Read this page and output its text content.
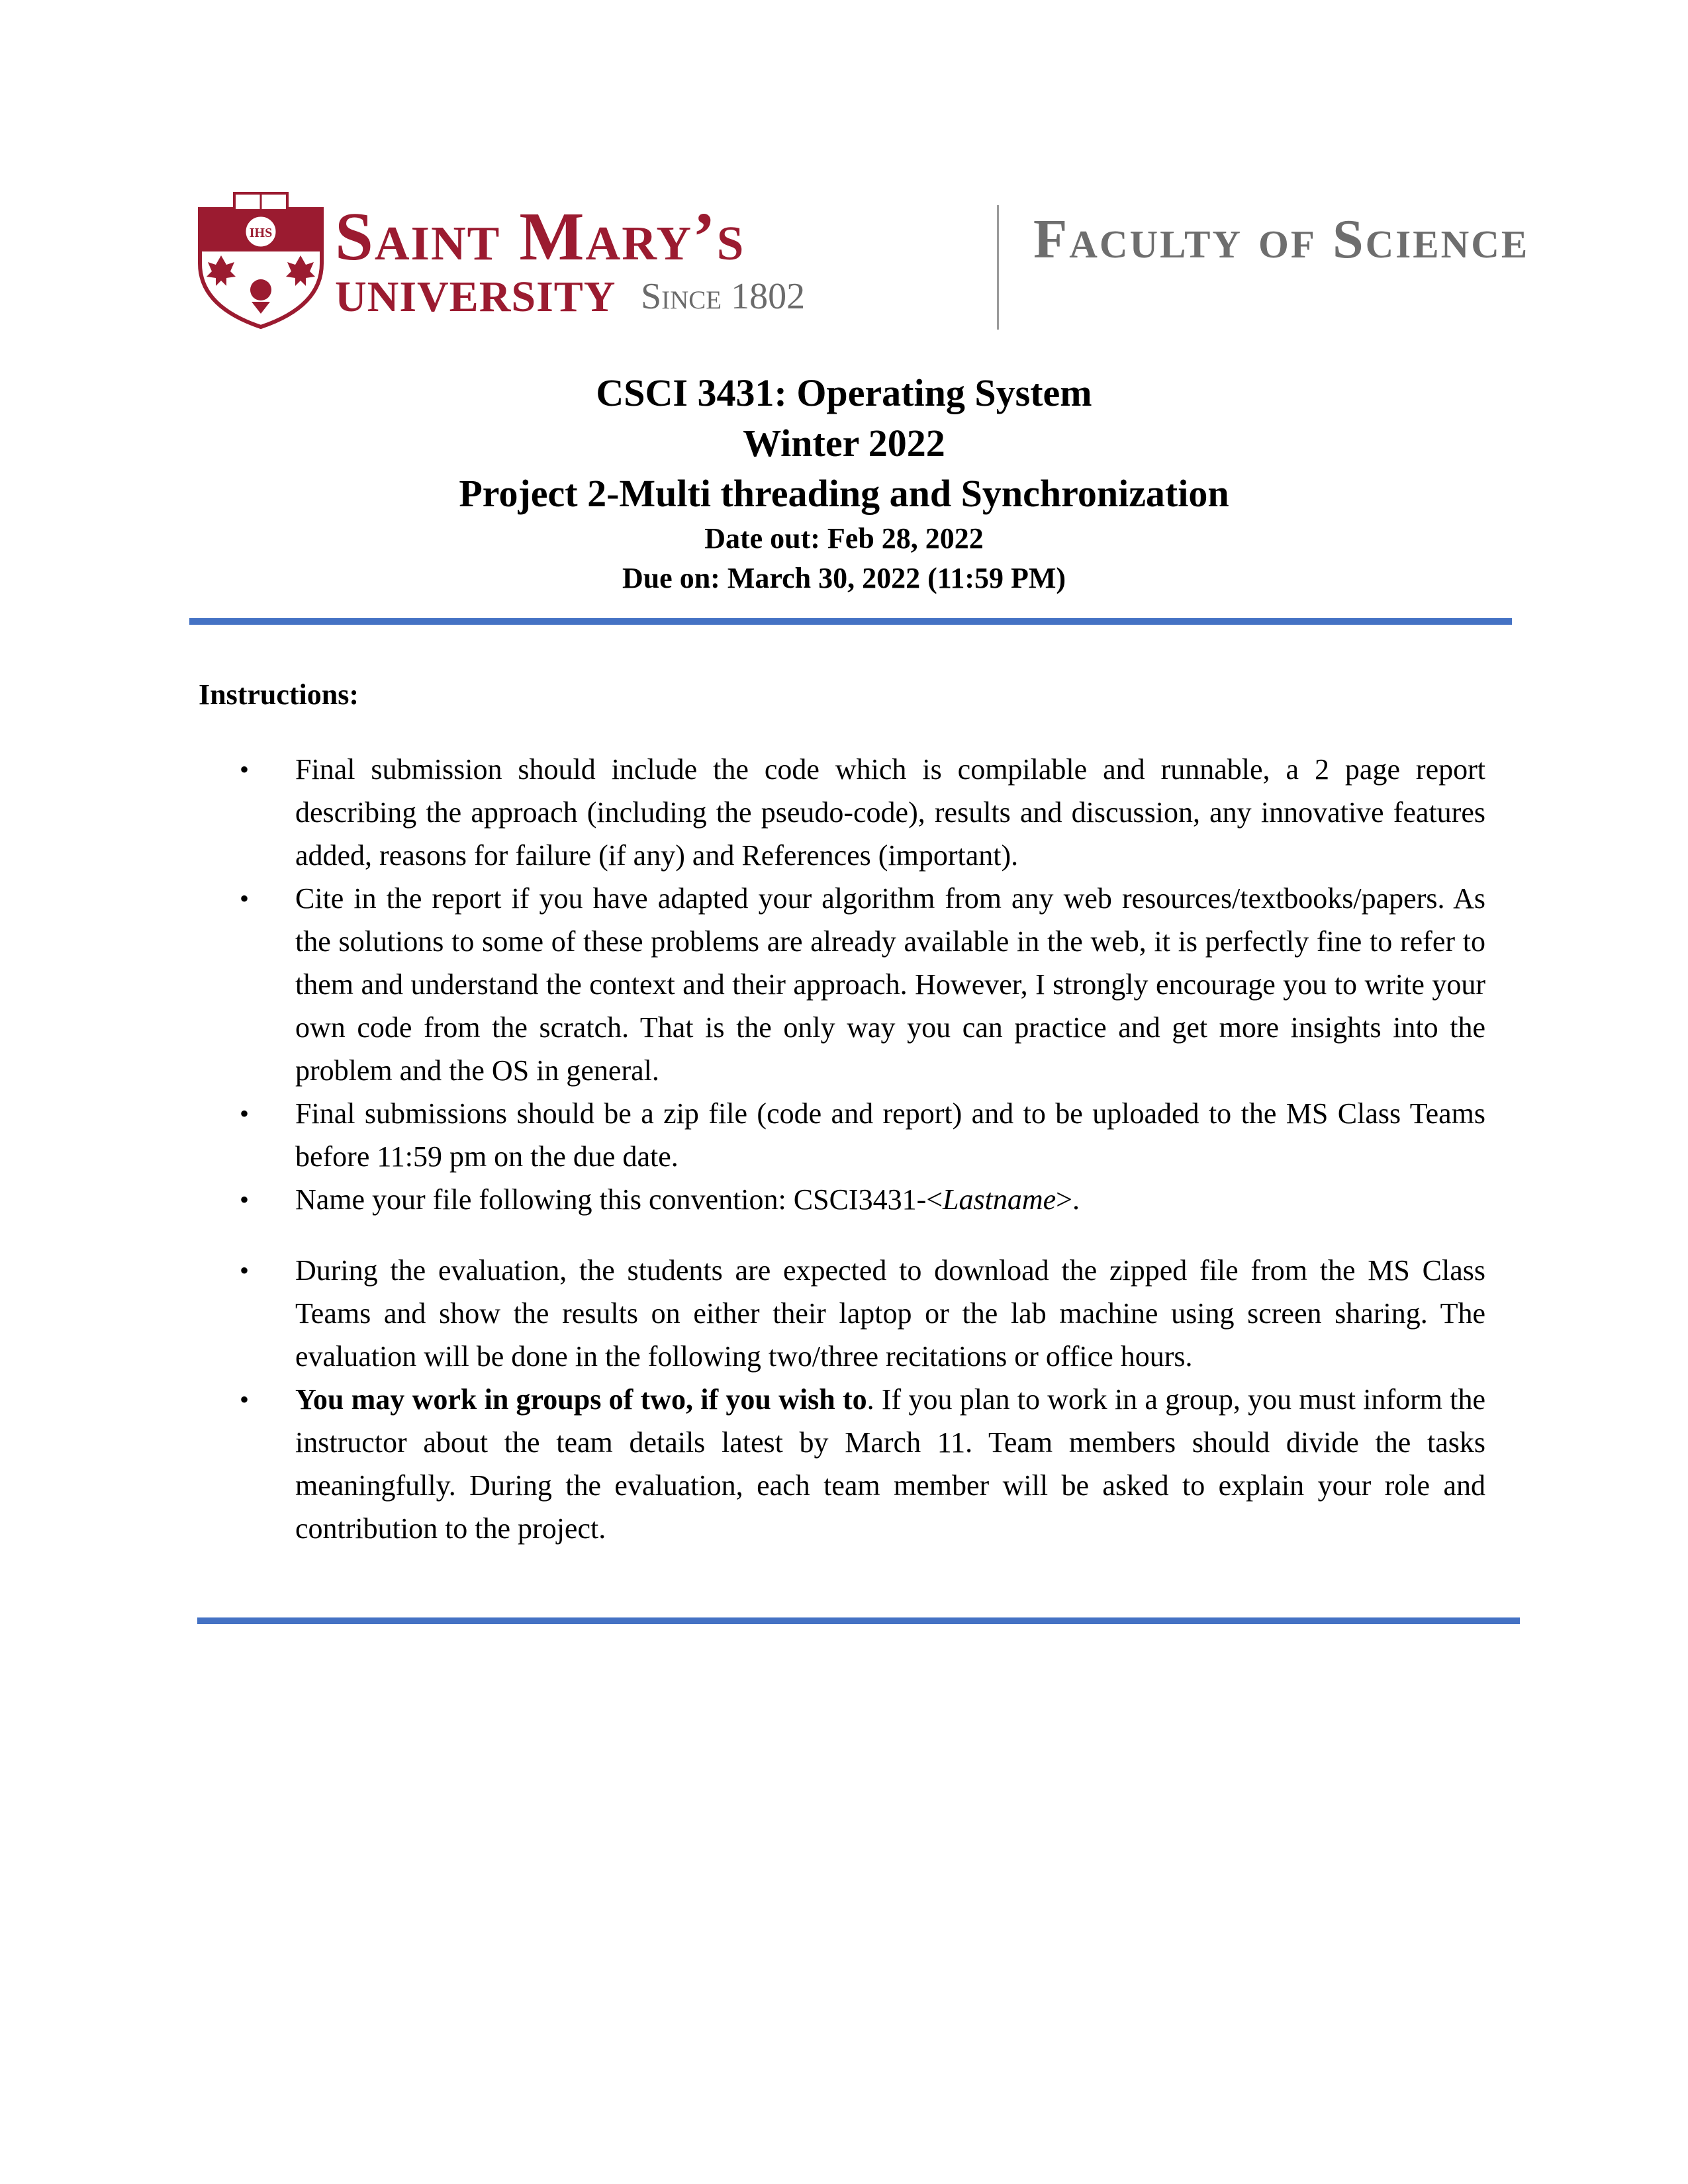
IHS Saint Mary’s
UNIVERSITY Since 1802
Faculty of Science

CSCI 3431: Operating System

Winter 2022

Project 2-Multi threading and Synchronization

Date out: Feb 28, 2022

Due on: March 30, 2022 (11:59 PM)

Instructions:

• Final submission should include the code which is compilable and runnable, a 2 page report describing the approach (including the pseudo-code), results and discussion, any innovative features added, reasons for failure (if any) and References (important).
• Cite in the report if you have adapted your algorithm from any web resources/textbooks/papers. As the solutions to some of these problems are already available in the web, it is perfectly fine to refer to them and understand the context and their approach. However, I strongly encourage you to write your own code from the scratch. That is the only way you can practice and get more insights into the problem and the OS in general.
• Final submissions should be a zip file (code and report) and to be uploaded to the MS Class Teams before 11:59 pm on the due date.
• Name your file following this convention: CSCI3431-<Lastname>.
• During the evaluation, the students are expected to download the zipped file from the MS Class Teams and show the results on either their laptop or the lab machine using screen sharing. The evaluation will be done in the following two/three recitations or office hours.
• You may work in groups of two, if you wish to. If you plan to work in a group, you must inform the instructor about the team details latest by March 11. Team members should divide the tasks meaningfully. During the evaluation, each team member will be asked to explain your role and contribution to the project.
